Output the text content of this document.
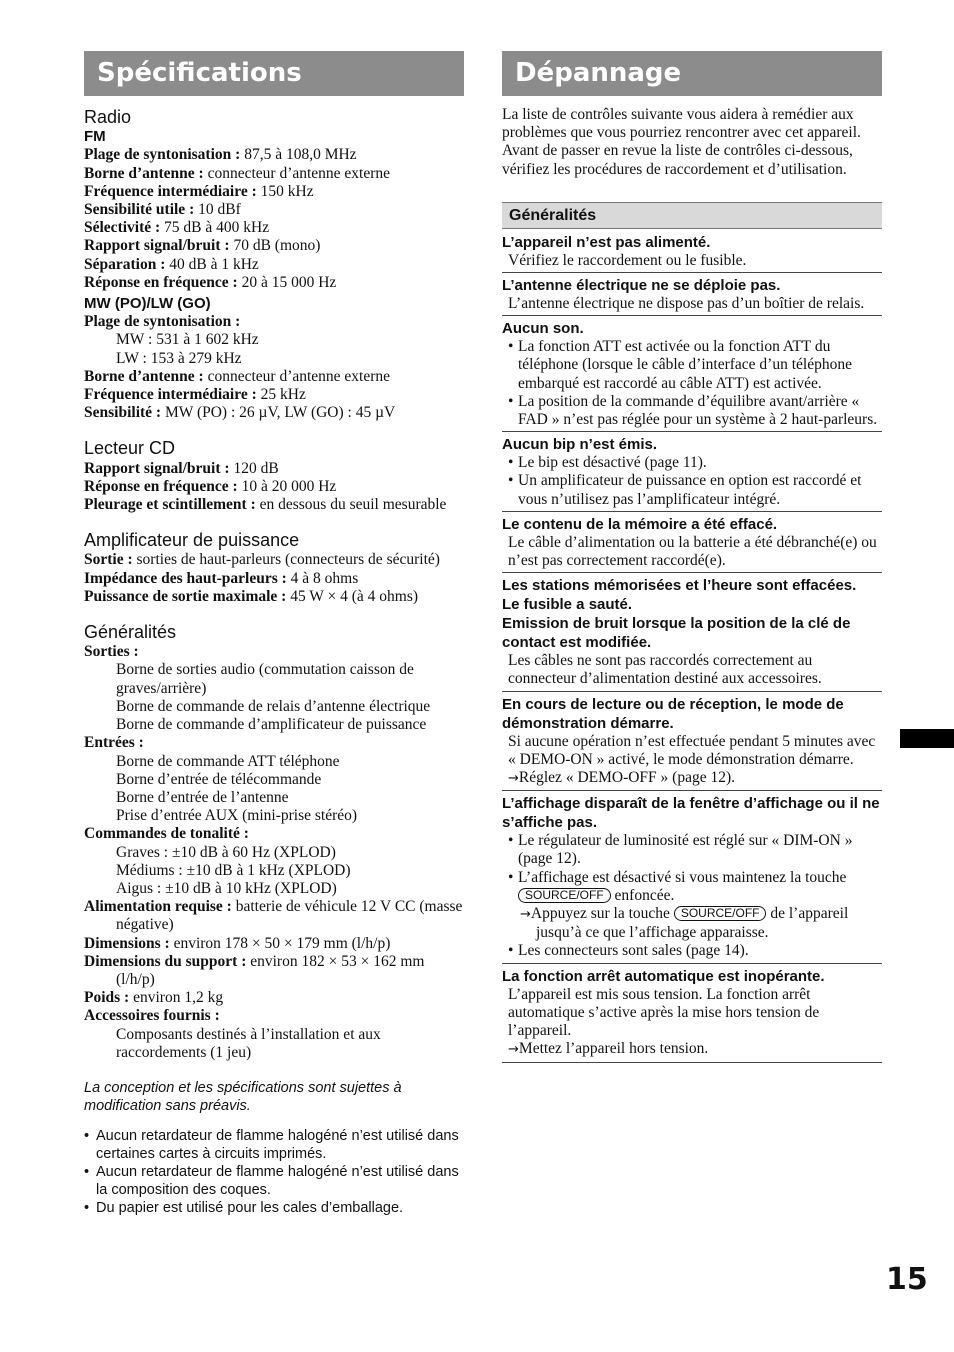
Spécifications	Dépannage
Radio
FM

Plage de syntonisation : 87,5 à 108,0 MHz

Borne d’antenne : connecteur d’antenne externe

Fréquence intermédiaire : 150 kHz

Sensibilité utile : 10 dBf

Sélectivité : 75 dB à 400 kHz

Rapport signal/bruit : 70 dB (mono)

Séparation : 40 dB à 1 kHz

Réponse en fréquence : 20 à 15 000 Hz

MW (PO)/LW (GO)

Plage de syntonisation :

MW : 531 à 1 602 kHz

LW : 153 à 279 kHz

Borne d’antenne : connecteur d’antenne externe

Fréquence intermédiaire : 25 kHz

Sensibilité : MW (PO) : 26 µV, LW (GO) : 45 µV

Lecteur CD

Rapport signal/bruit : 120 dB

Réponse en fréquence : 10 à 20 000 Hz

Pleurage et scintillement : en dessous du seuil mesurable

Amplificateur de puissance

Sortie : sorties de haut-parleurs (connecteurs de sécurité)

Impédance des haut-parleurs : 4 à 8 ohms

Puissance de sortie maximale : 45 W × 4 (à 4 ohms)

Généralités

Sorties :

Borne de sorties audio (commutation caisson de graves/arrière)

Borne de commande de relais d’antenne électrique

Borne de commande d’amplificateur de puissance

Entrées :

Borne de commande ATT téléphone

Borne d’entrée de télécommande

Borne d’entrée de l’antenne

Prise d’entrée AUX (mini-prise stéréo)

Commandes de tonalité :

Graves : ±10 dB à 60 Hz (XPLOD)

Médiums : ±10 dB à 1 kHz (XPLOD)

Aigus : ±10 dB à 10 kHz (XPLOD)

Alimentation requise : batterie de véhicule 12 V CC (masse négative)

Dimensions : environ 178 × 50 × 179 mm (l/h/p)

Dimensions du support : environ 182 × 53 × 162 mm (l/h/p)

Poids : environ 1,2 kg

Accessoires fournis :

Composants destinés à l’installation et aux raccordements (1 jeu)

La conception et les spécifications sont sujettes à modification sans préavis.

• Aucun retardateur de flamme halogéné n’est utilisé dans certaines cartes à circuits imprimés.

• Aucun retardateur de flamme halogéné n’est utilisé dans la composition des coques.

• Du papier est utilisé pour les cales d’emballage.

La liste de contrôles suivante vous aidera à remédier aux problèmes que vous pourriez rencontrer avec cet appareil.

Avant de passer en revue la liste de contrôles ci-dessous, vérifiez les procédures de raccordement et d’utilisation.

Généralités

L’appareil n’est pas alimenté.

Vérifiez le raccordement ou le fusible.

L’antenne électrique ne se déploie pas.

L’antenne électrique ne dispose pas d’un boîtier de relais.

Aucun son.

• La fonction ATT est activée ou la fonction ATT du téléphone (lorsque le câble d’interface d’un téléphone embarqué est raccordé au câble ATT) est activée.

• La position de la commande d’équilibre avant/arrière « FAD » n’est pas réglée pour un système à 2 haut-parleurs.

Aucun bip n’est émis.

• Le bip est désactivé (page 11).

• Un amplificateur de puissance en option est raccordé et vous n’utilisez pas l’amplificateur intégré.

Le contenu de la mémoire a été effacé.

Le câble d’alimentation ou la batterie a été débranché(e) ou n’est pas correctement raccordé(e).

Les stations mémorisées et l’heure sont effacées.

Le fusible a sauté.

Emission de bruit lorsque la position de la clé de contact est modifiée.

Les câbles ne sont pas raccordés correctement au connecteur d’alimentation destiné aux accessoires.

En cours de lecture ou de réception, le mode de démonstration démarre.

Si aucune opération n’est effectuée pendant 5 minutes avec « DEMO-ON » activé, le mode démonstration démarre.

→Réglez « DEMO-OFF » (page 12).

L’affichage disparaît de la fenêtre d’affichage ou il ne s’affiche pas.

• Le régulateur de luminosité est réglé sur « DIM-ON » (page 12).

• L’affichage est désactivé si vous maintenez la touche SOURCE/OFF enfoncée.

→Appuyez sur la touche SOURCE/OFF de l’appareil jusqu’à ce que l’affichage apparaisse.

• Les connecteurs sont sales (page 14).

La fonction arrêt automatique est inopérante.

L’appareil est mis sous tension. La fonction arrêt automatique s’active après la mise hors tension de l’appareil.

→Mettez l’appareil hors tension.

15
